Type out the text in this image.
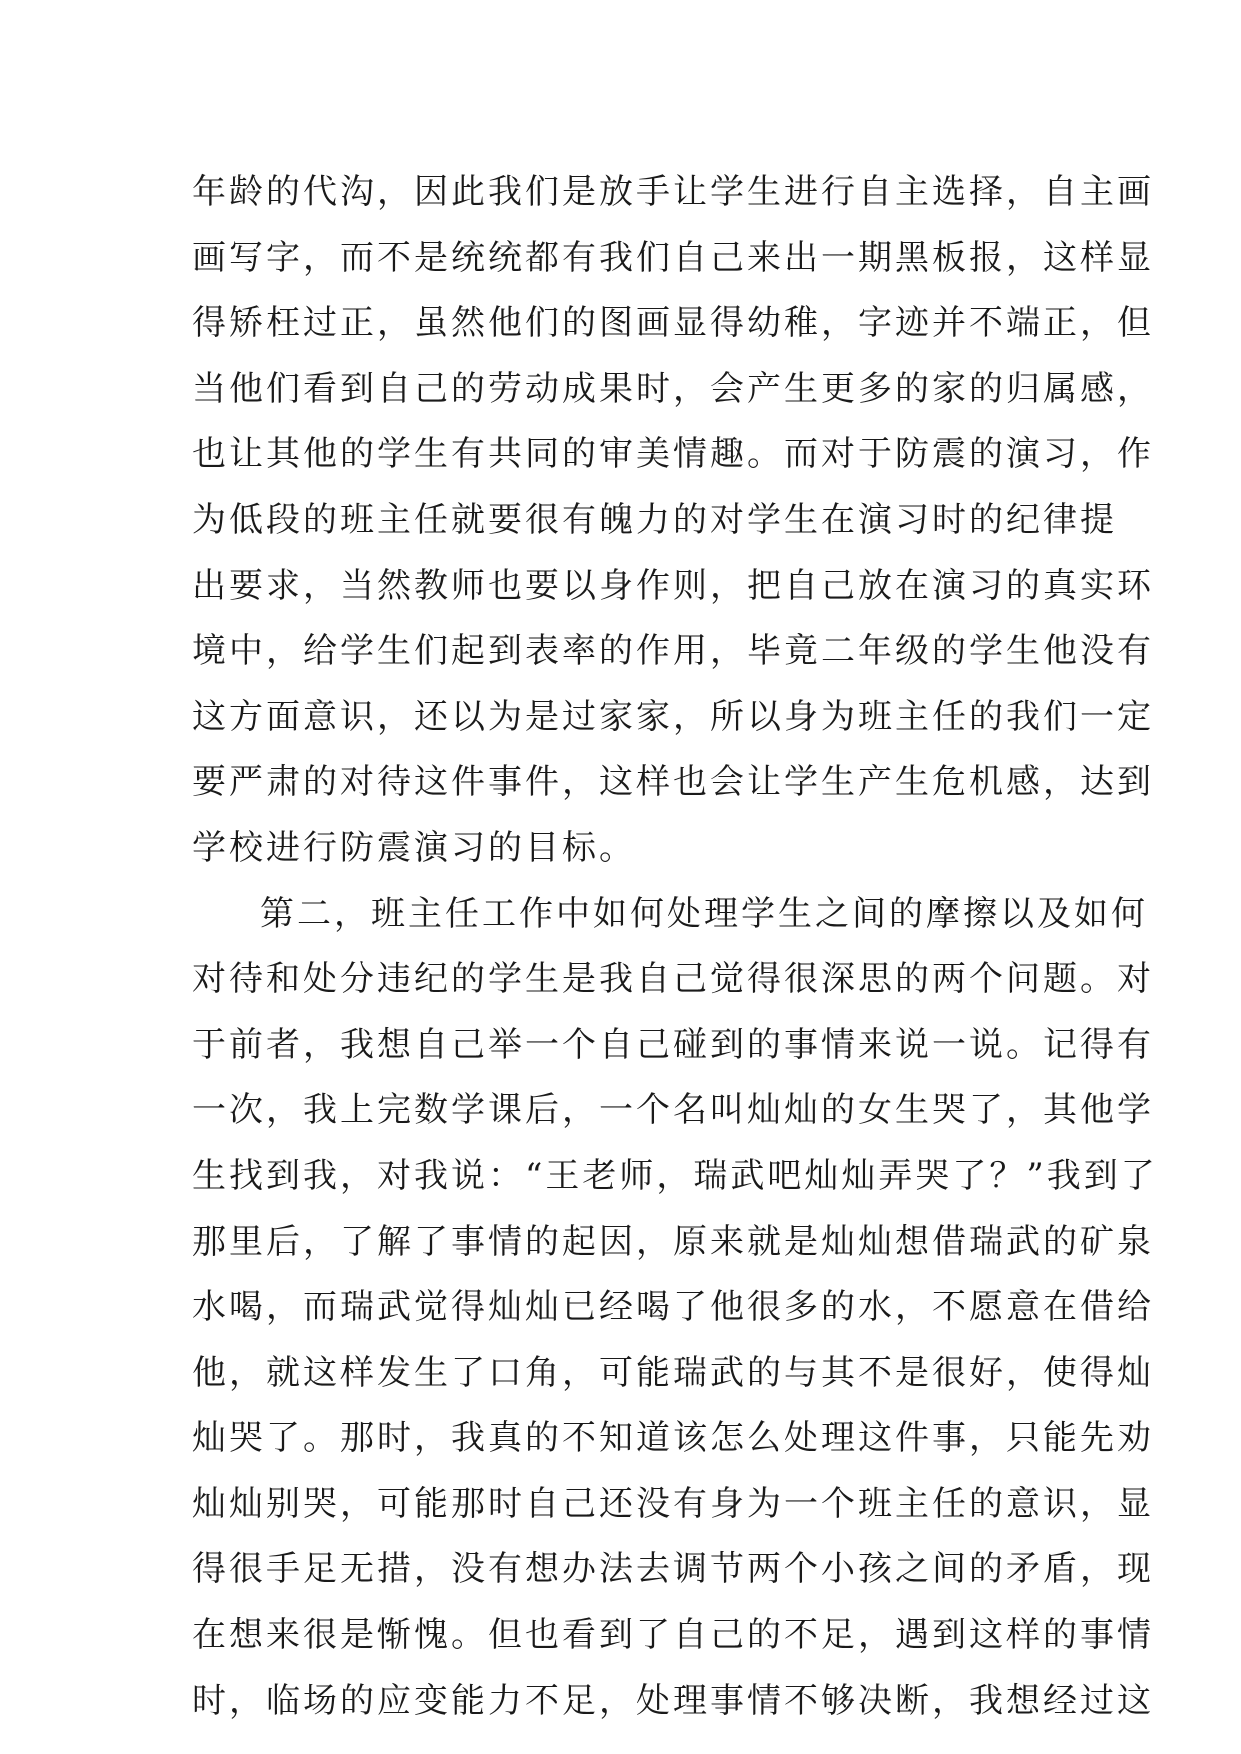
年龄的代沟，因此我们是放手让学生进行自主选择，自主画
画写字，而不是统统都有我们自己来出一期黑板报，这样显
得矫枉过正，虽然他们的图画显得幼稚，字迹并不端正，但
当他们看到自己的劳动成果时，会产生更多的家的归属感，
也让其他的学生有共同的审美情趣。而对于防震的演习，作
为低段的班主任就要很有魄力的对学生在演习时的纪律提
出要求，当然教师也要以身作则，把自己放在演习的真实环
境中，给学生们起到表率的作用，毕竟二年级的学生他没有
这方面意识，还以为是过家家，所以身为班主任的我们一定
要严肃的对待这件事件，这样也会让学生产生危机感，达到
学校进行防震演习的目标。
第二，班主任工作中如何处理学生之间的摩擦以及如何
对待和处分违纪的学生是我自己觉得很深思的两个问题。对
于前者，我想自己举一个自己碰到的事情来说一说。记得有
一次，我上完数学课后，一个名叫灿灿的女生哭了，其他学
生找到我，对我说：“王老师，瑞武吧灿灿弄哭了？”我到了
那里后，了解了事情的起因，原来就是灿灿想借瑞武的矿泉
水喝，而瑞武觉得灿灿已经喝了他很多的水，不愿意在借给
他，就这样发生了口角，可能瑞武的与其不是很好，使得灿
灿哭了。那时，我真的不知道该怎么处理这件事，只能先劝
灿灿别哭，可能那时自己还没有身为一个班主任的意识，显
得很手足无措，没有想办法去调节两个小孩之间的矛盾，现
在想来很是惭愧。但也看到了自己的不足，遇到这样的事情
时，临场的应变能力不足，处理事情不够决断，我想经过这
